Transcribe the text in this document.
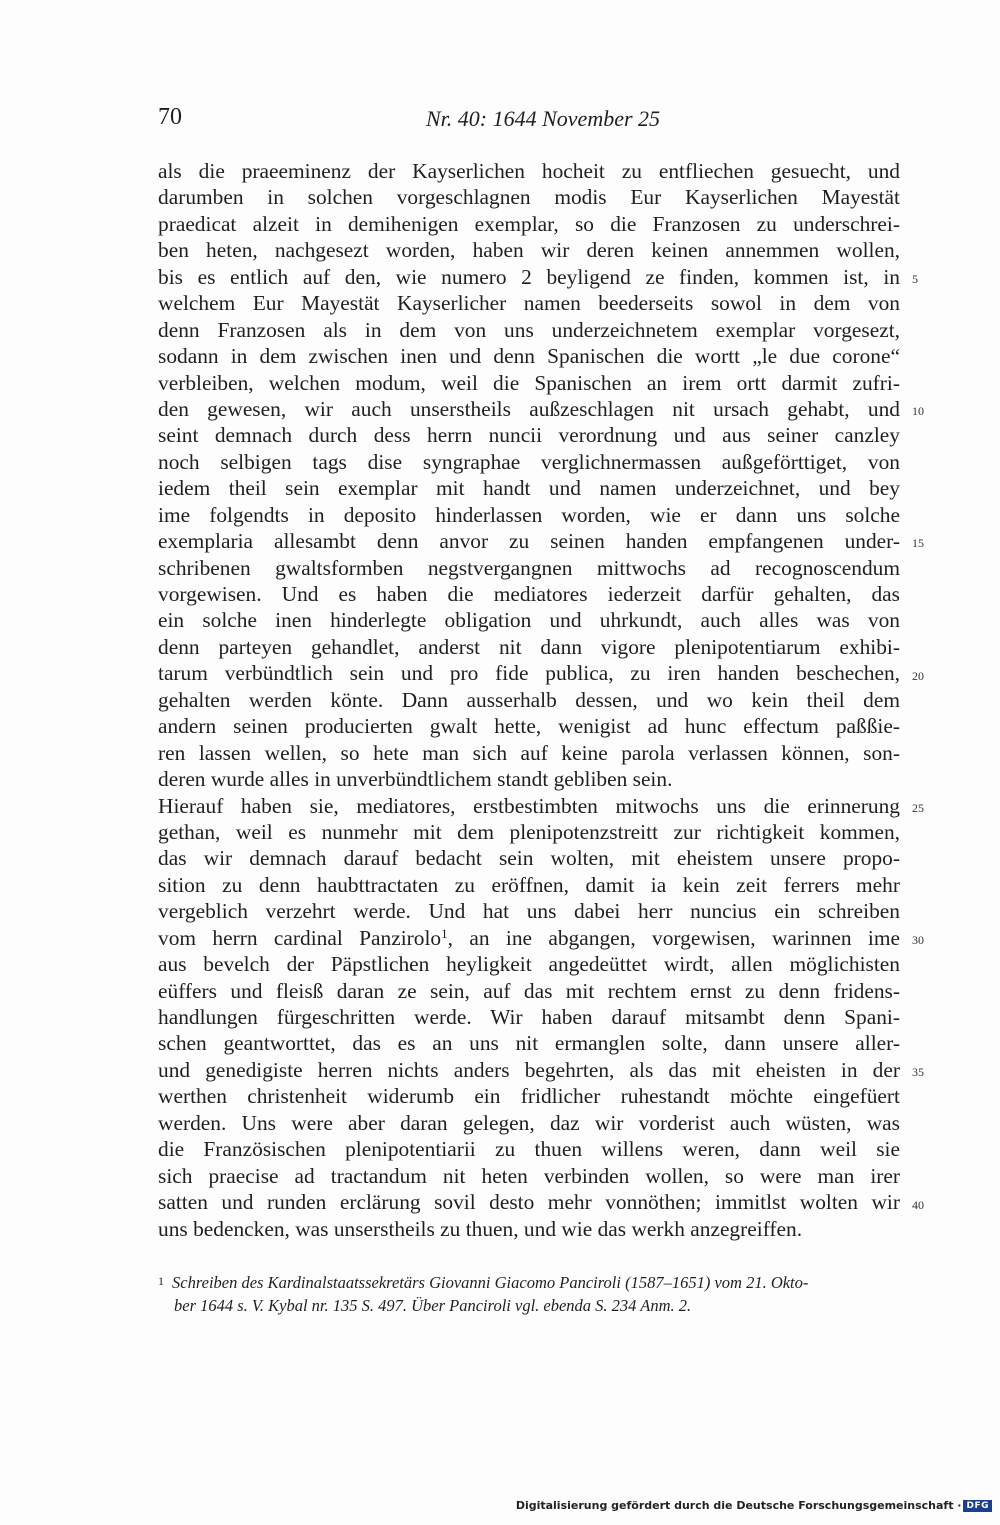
70	Nr. 40: 1644 November 25
als die praeeminenz der Kayserlichen hocheit zu entfliechen gesuecht, und
darumben in solchen vorgeschlagnen modis Eur Kayserlichen Mayestät
praedicat alzeit in demihenigen exemplar, so die Franzosen zu underschrei-
ben heten, nachgesezt worden, haben wir deren keinen annemmen wollen,
bis es entlich auf den, wie numero 2 beyligend ze finden, kommen ist, in
welchem Eur Mayestät Kayserlicher namen beederseits sowol in dem von
denn Franzosen als in dem von uns underzeichnetem exemplar vorgesezt,
sodann in dem zwischen inen und denn Spanischen die wortt „le due corone“
verbleiben, welchen modum, weil die Spanischen an irem ortt darmit zufri-
den gewesen, wir auch unserstheils außzeschlagen nit ursach gehabt, und
seint demnach durch dess herrn nuncii verordnung und aus seiner canzley
noch selbigen tags dise syngraphae verglichnermassen außgeförttiget, von
iedem theil sein exemplar mit handt und namen underzeichnet, und bey
ime folgendts in deposito hinderlassen worden, wie er dann uns solche
exemplaria allesambt denn anvor zu seinen handen empfangenen under-
schribenen gwaltsformben negstvergangnen mittwochs ad recognoscendum
vorgewisen. Und es haben die mediatores iederzeit darfür gehalten, das
ein solche inen hinderlegte obligation und uhrkundt, auch alles was von
denn parteyen gehandlet, anderst nit dann vigore plenipotentiarum exhibi-
tarum verbündtlich sein und pro fide publica, zu iren handen beschechen,
gehalten werden könte. Dann ausserhalb dessen, und wo kein theil dem
andern seinen producierten gwalt hette, wenigist ad hunc effectum paßßie-
ren lassen wellen, so hete man sich auf keine parola verlassen können, son-
deren wurde alles in unverbündtlichem standt gebliben sein.
Hierauf haben sie, mediatores, erstbestimbten mitwochs uns die erinnerung
gethan, weil es nunmehr mit dem plenipotenzstreitt zur richtigkeit kommen,
das wir demnach darauf bedacht sein wolten, mit eheistem unsere propo-
sition zu denn haubttractaten zu eröffnen, damit ia kein zeit ferrers mehr
vergeblich verzehrt werde. Und hat uns dabei herr nuncius ein schreiben
vom herrn cardinal Panzirolo$^1$, an ine abgangen, vorgewisen, warinnen ime
aus bevelch der Päpstlichen heyligkeit angedeüttet wirdt, allen möglichisten
eüffers und fleisß daran ze sein, auf das mit rechtem ernst zu denn fridens-
handlungen fürgeschritten werde. Wir haben darauf mitsambt denn Spani-
schen geantworttet, das es an uns nit ermanglen solte, dann unsere aller-
und genedigiste herren nichts anders begehrten, als das mit eheisten in der
werthen christenheit widerumb ein fridlicher ruhestandt möchte eingefüert
werden. Uns were aber daran gelegen, daz wir vorderist auch wüsten, was
die Französischen plenipotentiarii zu thuen willens weren, dann weil sie
sich praecise ad tractandum nit heten verbinden wollen, so were man irer
satten und runden erclärung sovil desto mehr vonnöthen; immitlst wolten wir
uns bedencken, was unserstheils zu thuen, und wie das werkh anzegreiffen.
5
10
15
20
25
30
35
40
1 Schreiben des Kardinalstaatssekretärs Giovanni Giacomo Panciroli (1587–1651) vom 21. Okto-
ber 1644 s. V. Kybal nr. 135 S. 497. Über Panciroli vgl. ebenda S. 234 Anm. 2.
Digitalisierung gefördert durch die Deutsche Forschungsgemeinschaft · DFG
